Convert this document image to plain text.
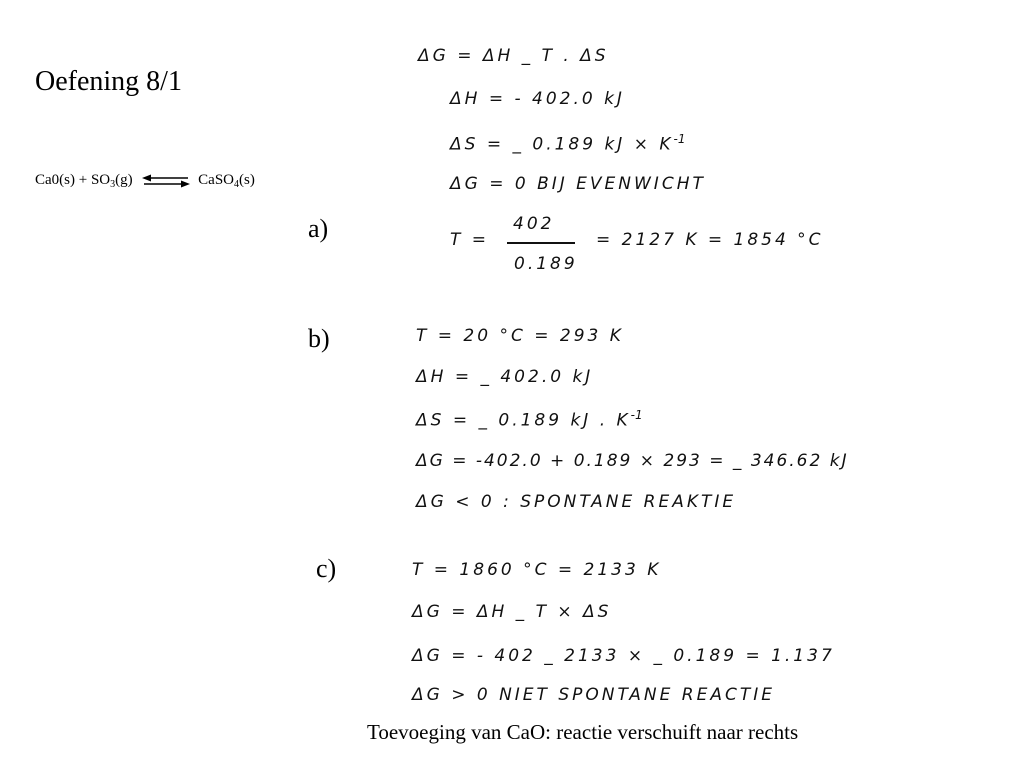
Oefening 8/1
$Ca0(s) + SO_3(g)$ ⇌ CaSO$_4$(s)
a)
b)
c)
ΔG = ΔH _ T . ΔS
ΔH = - 402.0 kJ
ΔS = _ 0.189 kJ × $K^{-1}$
ΔG = 0 BIJ EVENWICHT
T =
402
0.189
= 2127 K = 1854 °C
T = 20 °C = 293 K
ΔH = _ 402.0 kJ
ΔS = _ 0.189 kJ . $K^{-1}$
ΔG = -402.0 + 0.189 × 293 = _ 346.62 kJ
ΔG < 0 : SPONTANE REAKTIE
T = 1860 °C = 2133 K
ΔG = ΔH _ T × ΔS
ΔG = - 402 _ 2133 × _ 0.189 = 1.137
ΔG > 0 NIET SPONTANE REACTIE
Toevoeging van CaO: reactie verschuift naar rechts
